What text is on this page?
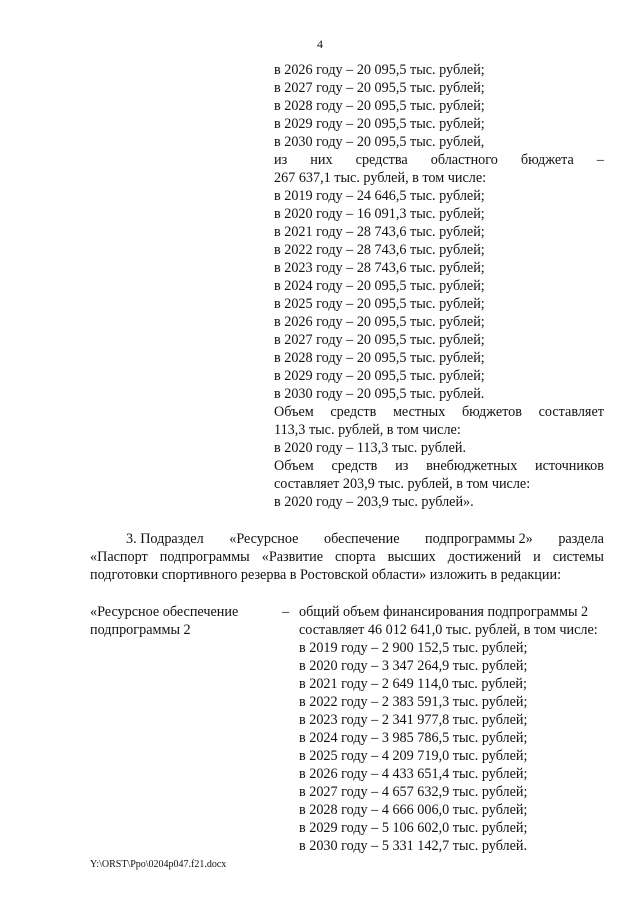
4
в 2026 году – 20 095,5 тыс. рублей;
в 2027 году – 20 095,5 тыс. рублей;
в 2028 году – 20 095,5 тыс. рублей;
в 2029 году – 20 095,5 тыс. рублей;
в 2030 году – 20 095,5 тыс. рублей,
из них средства областного бюджета –
267 637,1 тыс. рублей, в том числе:
в 2019 году – 24 646,5 тыс. рублей;
в 2020 году – 16 091,3 тыс. рублей;
в 2021 году – 28 743,6 тыс. рублей;
в 2022 году – 28 743,6 тыс. рублей;
в 2023 году – 28 743,6 тыс. рублей;
в 2024 году – 20 095,5 тыс. рублей;
в 2025 году – 20 095,5 тыс. рублей;
в 2026 году – 20 095,5 тыс. рублей;
в 2027 году – 20 095,5 тыс. рублей;
в 2028 году – 20 095,5 тыс. рублей;
в 2029 году – 20 095,5 тыс. рублей;
в 2030 году – 20 095,5 тыс. рублей.
Объем средств местных бюджетов составляет
113,3 тыс. рублей, в том числе:
в 2020 году – 113,3 тыс. рублей.
Объем средств из внебюджетных источников
составляет 203,9 тыс. рублей, в том числе:
в 2020 году – 203,9 тыс. рублей».
3. Подраздел «Ресурсное обеспечение подпрограммы 2» раздела
«Паспорт подпрограммы «Развитие спорта высших достижений и системы
подготовки спортивного резерва в Ростовской области» изложить в редакции:
«Ресурсное обеспечение
подпрограммы 2
– общий объем финансирования подпрограммы 2
составляет 46 012 641,0 тыс. рублей, в том числе:
в 2019 году – 2 900 152,5 тыс. рублей;
в 2020 году – 3 347 264,9 тыс. рублей;
в 2021 году – 2 649 114,0 тыс. рублей;
в 2022 году – 2 383 591,3 тыс. рублей;
в 2023 году – 2 341 977,8 тыс. рублей;
в 2024 году – 3 985 786,5 тыс. рублей;
в 2025 году – 4 209 719,0 тыс. рублей;
в 2026 году – 4 433 651,4 тыс. рублей;
в 2027 году – 4 657 632,9 тыс. рублей;
в 2028 году – 4 666 006,0 тыс. рублей;
в 2029 году – 5 106 602,0 тыс. рублей;
в 2030 году – 5 331 142,7 тыс. рублей.
Y:\ORST\Ppo\0204p047.f21.docx
